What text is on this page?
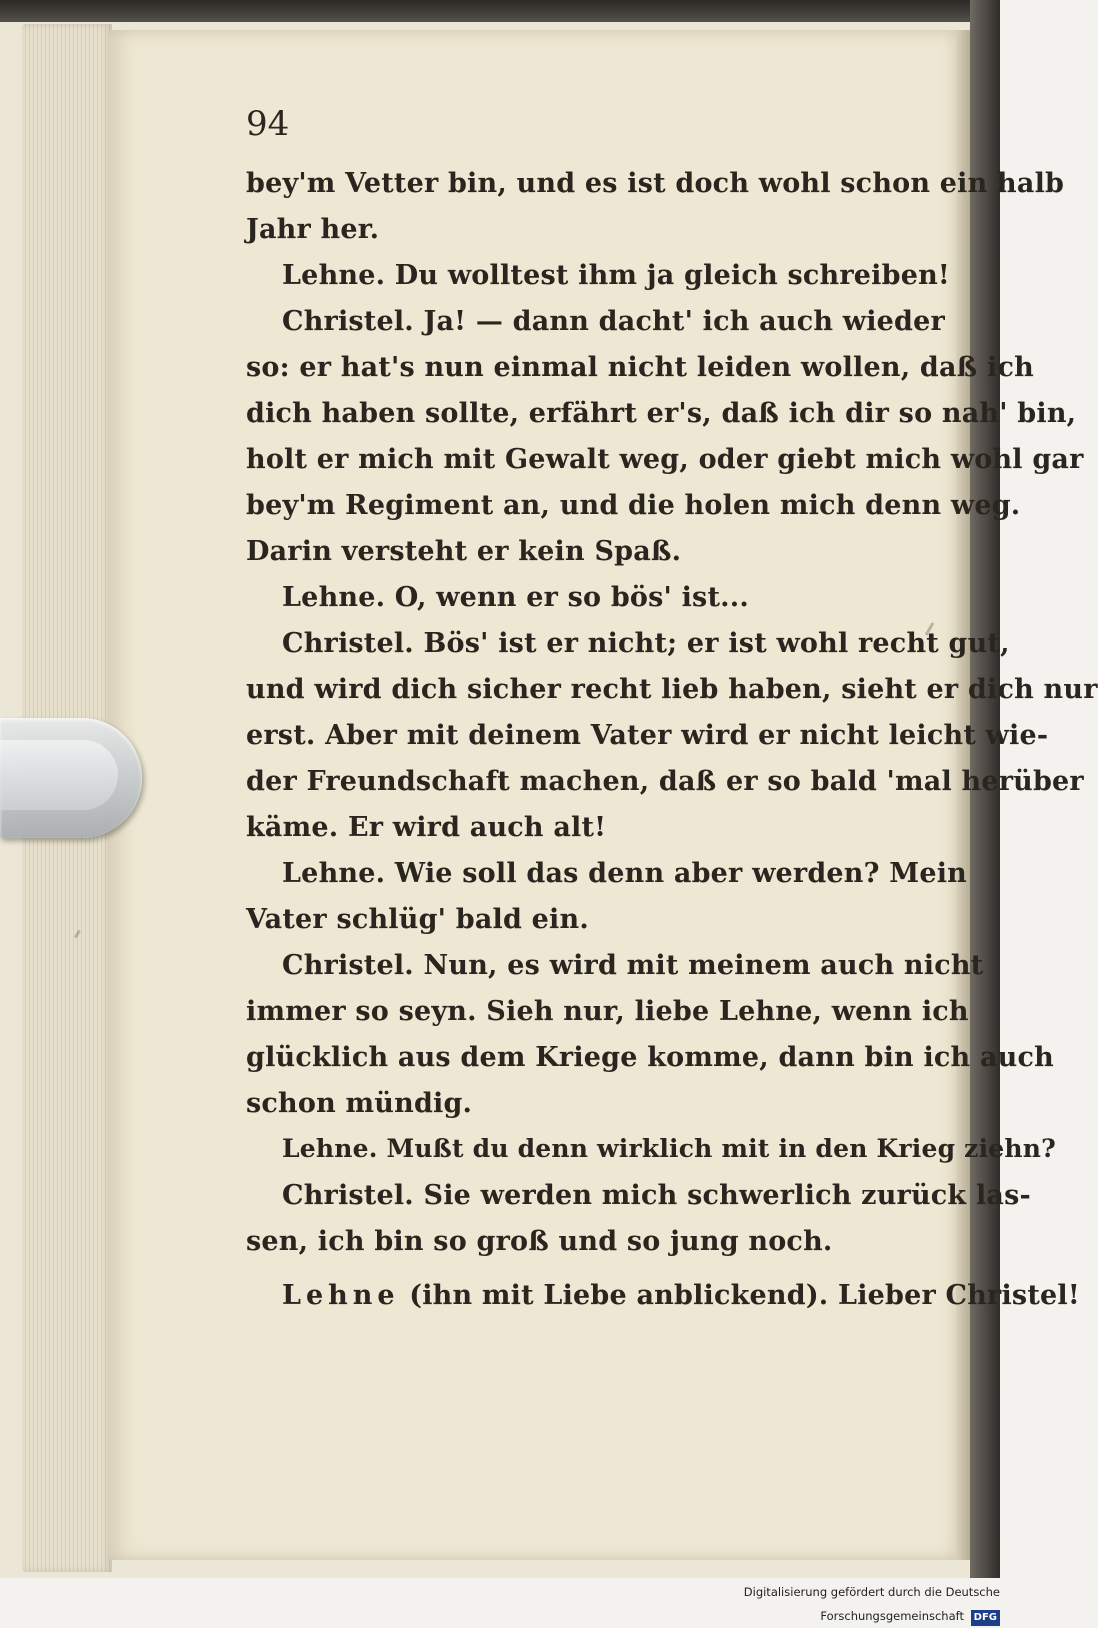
94
bey'm Vetter bin, und es ist doch wohl schon ein halb
Jahr her.
Lehne. Du wolltest ihm ja gleich schreiben!
Christel. Ja! — dann dacht' ich auch wieder
so: er hat's nun einmal nicht leiden wollen, daß ich
dich haben sollte, erfährt er's, daß ich dir so nah' bin,
holt er mich mit Gewalt weg, oder giebt mich wohl gar
bey'm Regiment an, und die holen mich denn weg.
Darin versteht er kein Spaß.
Lehne. O, wenn er so bös' ist...
Christel. Bös' ist er nicht; er ist wohl recht gut,
und wird dich sicher recht lieb haben, sieht er dich nur
erst. Aber mit deinem Vater wird er nicht leicht wie-
der Freundschaft machen, daß er so bald 'mal herüber
käme. Er wird auch alt!
Lehne. Wie soll das denn aber werden? Mein
Vater schlüg' bald ein.
Christel. Nun, es wird mit meinem auch nicht
immer so seyn. Sieh nur, liebe Lehne, wenn ich
glücklich aus dem Kriege komme, dann bin ich auch
schon mündig.
Lehne. Mußt du denn wirklich mit in den Krieg ziehn?
Christel. Sie werden mich schwerlich zurück las-
sen, ich bin so groß und so jung noch.
Lehne (ihn mit Liebe anblickend). Lieber Christel!
Digitalisierung gefördert durch die Deutsche Forschungsgemeinschaft DFG
